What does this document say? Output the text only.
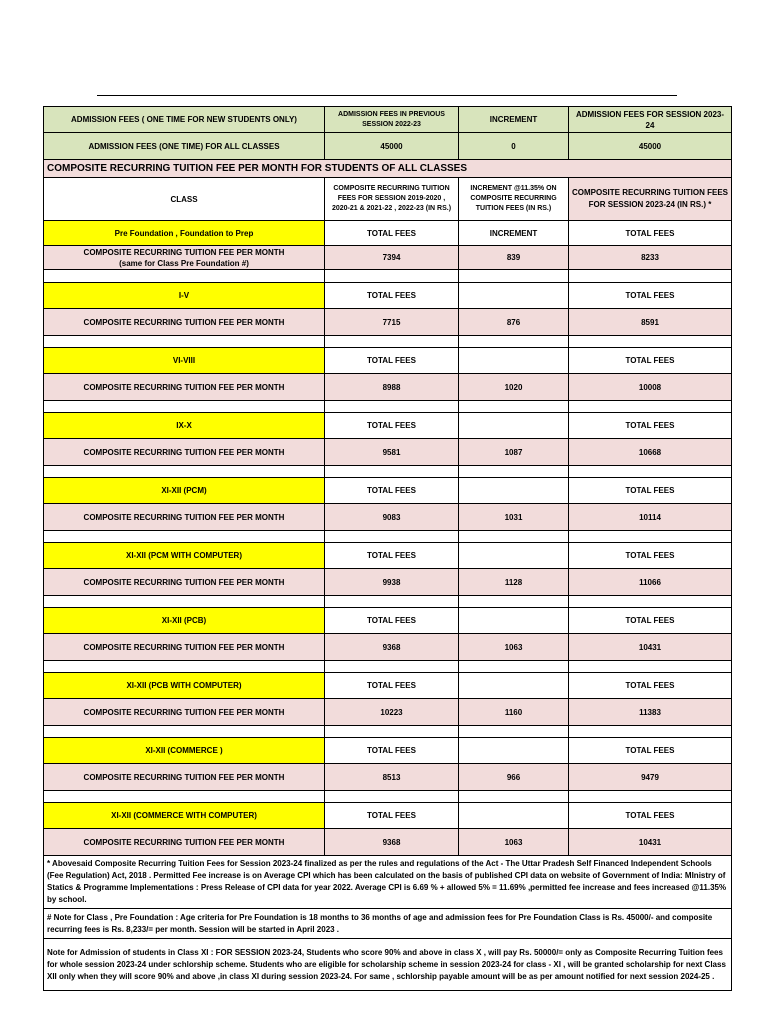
ADMISSION FEES ( ONE TIME FOR NEW STUDENTS ONLY)	ADMISSION FEES IN PREVIOUS SESSION 2022-23	INCREMENT	ADMISSION FEES FOR SESSION 2023-24
ADMISSION FEES (ONE TIME) FOR ALL CLASSES	45000	0	45000
COMPOSITE RECURRING TUITION FEE PER MONTH FOR STUDENTS OF ALL CLASSES			
CLASS	COMPOSITE RECURRING TUITION FEES FOR SESSION 2019-2020 , 2020-21 & 2021-22 , 2022-23 (IN RS.)	INCREMENT @11.35% ON COMPOSITE RECURRING TUITION FEES (IN RS.)	COMPOSITE RECURRING TUITION FEES FOR SESSION 2023-24 (IN RS.) *
Pre Foundation , Foundation to Prep	TOTAL FEES	INCREMENT	TOTAL FEES

COMPOSITE RECURRING TUITION FEE PER MONTH
(same for Class Pre Foundation #)	7394	839	8233

I-V	TOTAL FEES		TOTAL FEES
COMPOSITE RECURRING TUITION FEE PER MONTH	7715	876	8591

VI-VIII	TOTAL FEES		TOTAL FEES
COMPOSITE RECURRING TUITION FEE PER MONTH	8988	1020	10008

IX-X	TOTAL FEES		TOTAL FEES
COMPOSITE RECURRING TUITION FEE PER MONTH	9581	1087	10668

XI-XII (PCM)	TOTAL FEES		TOTAL FEES
COMPOSITE RECURRING TUITION FEE PER MONTH	9083	1031	10114

XI-XII (PCM WITH COMPUTER)	TOTAL FEES		TOTAL FEES
COMPOSITE RECURRING TUITION FEE PER MONTH	9938	1128	11066

XI-XII (PCB)	TOTAL FEES		TOTAL FEES
COMPOSITE RECURRING TUITION FEE PER MONTH	9368	1063	10431

XI-XII (PCB WITH COMPUTER)	TOTAL FEES		TOTAL FEES
COMPOSITE RECURRING TUITION FEE PER MONTH	10223	1160	11383

XI-XII (COMMERCE )	TOTAL FEES		TOTAL FEES
COMPOSITE RECURRING TUITION FEE PER MONTH	8513	966	9479

XI-XII (COMMERCE WITH COMPUTER)	TOTAL FEES		TOTAL FEES
COMPOSITE RECURRING TUITION FEE PER MONTH	9368	1063	10431
* Abovesaid Composite Recurring Tuition Fees for Session 2023-24 finalized as per the rules and regulations of the Act - The Uttar Pradesh Self Financed Independent Schools (Fee Regulation) Act, 2018 . Permitted Fee increase is on Average CPI which has been calculated on the basis of published CPI data on website of Government of India: MInistry of Statics & Programme Implementations : Press Release of CPI data for year 2022. Average CPI is 6.69 % + allowed 5% = 11.69% ,permitted fee increase and fees increased @11.35% by school.			
# Note for Class , Pre Foundation : Age criteria for Pre Foundation is 18 months to 36 months of age and admission fees for Pre Foundation Class is Rs. 45000/- and composite recurring fees is Rs. 8,233/= per month. Session will be started in April 2023 .			
Note for Admission of students in Class XI : FOR SESSION 2023-24, Students who score 90% and above in class X , will pay Rs. 50000/= only as Composite Recurring Tuition fees for whole session 2023-24 under schlorship scheme. Students who are eligible for scholarship scheme in session 2023-24 for class - XI , will be granted scholarship for next Class XII only when they will score 90% and above ,in class XI during session 2023-24. For same , schlorship payable amount will be as per amount notified for next session 2024-25 .			
